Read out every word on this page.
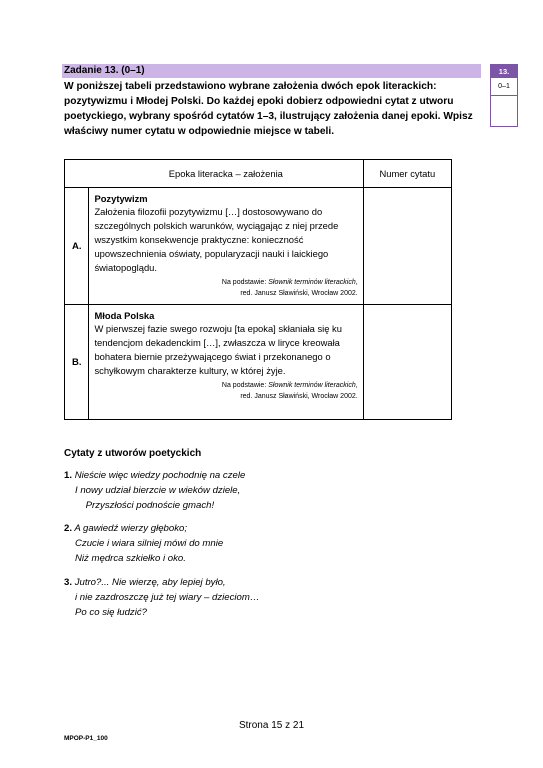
Zadanie 13. (0–1)
W poniższej tabeli przedstawiono wybrane założenia dwóch epok literackich: pozytywizmu i Młodej Polski. Do każdej epoki dobierz odpowiedni cytat z utworu poetyckiego, wybrany spośród cytatów 1–3, ilustrujący założenia danej epoki. Wpisz właściwy numer cytatu w odpowiednie miejsce w tabeli.
13.
0–1
	Epoka literacka – założenia	Numer cytatu
A.	Pozytywizm
Założenia filozofii pozytywizmu […] dostosowywano do szczególnych polskich warunków, wyciągając z niej przede wszystkim konsekwencje praktyczne: konieczność upowszechnienia oświaty, popularyzacji nauki i laickiego światopoglądu.
Na podstawie: Słownik terminów literackich,
red. Janusz Sławiński, Wrocław 2002.	

B.	Młoda Polska
W pierwszej fazie swego rozwoju [ta epoka] skłaniała się ku tendencjom dekadenckim […], zwłaszcza w liryce kreowała bohatera biernie przeżywającego świat i przekonanego o schyłkowym charakterze kultury, w której żyje.
Na podstawie: Słownik terminów literackich,
red. Janusz Sławiński, Wrocław 2002.	

Cytaty z utworów poetyckich
1. Nieście więc wiedzy pochodnię na czele
I nowy udział bierzcie w wieków dziele,
Przyszłości podnoście gmach!
2. A gawiedź wierzy głęboko;
Czucie i wiara silniej mówi do mnie
Niż mędrca szkiełko i oko.
3. Jutro?... Nie wierzę, aby lepiej było,
i nie zazdroszczę już tej wiary – dzieciom…
Po co się łudzić?
Strona 15 z 21
MPOP-P1_100
